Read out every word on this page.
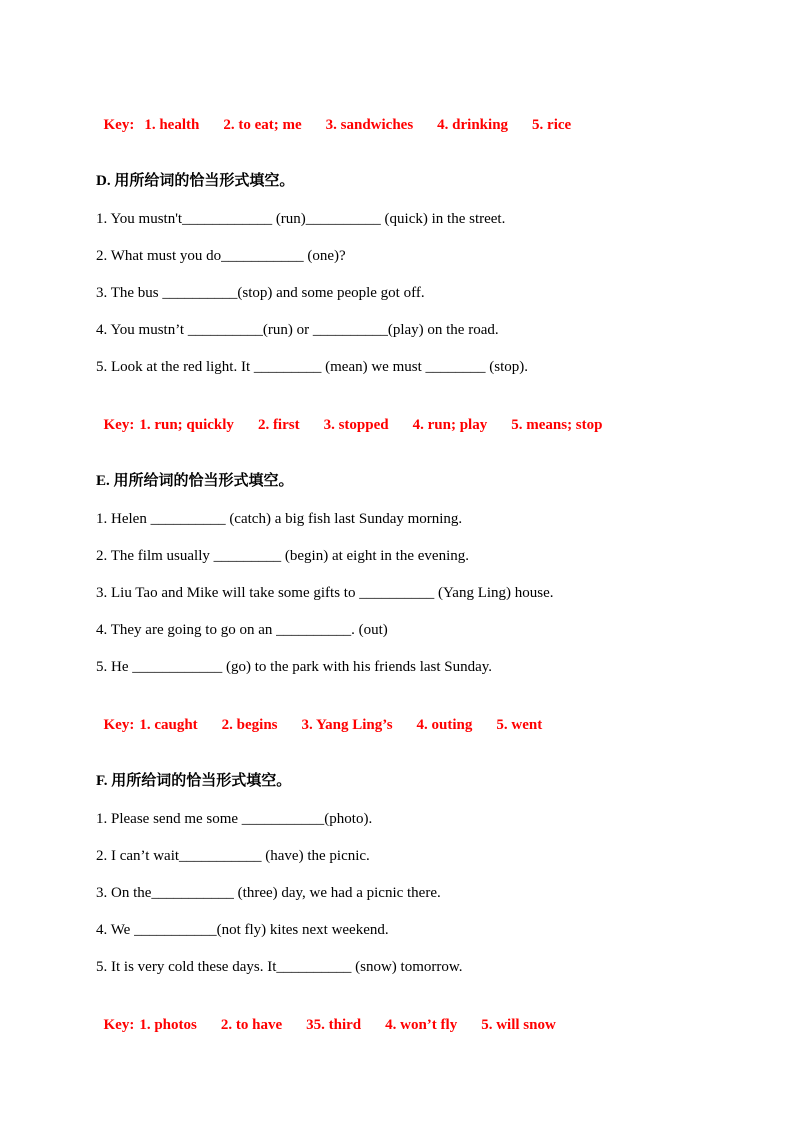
Key: 1. health 2. to eat; me 3. sandwiches 4. drinking 5. rice

D. 用所给词的恰当形式填空。
1. You mustn't____________ (run)__________ (quick) in the street.
2. What must you do___________ (one)?
3. The bus __________(stop) and some people got off.
4. You mustn’t __________(run) or __________(play) on the road.
5. Look at the red light. It _________ (mean) we must ________ (stop).

Key: 1. run; quickly 2. first 3. stopped 4. run; play 5. means; stop

E. 用所给词的恰当形式填空。
1. Helen __________ (catch) a big fish last Sunday morning.
2. The film usually _________ (begin) at eight in the evening.
3. Liu Tao and Mike will take some gifts to __________ (Yang Ling) house.
4. They are going to go on an __________. (out)
5. He ____________ (go) to the park with his friends last Sunday.

Key: 1. caught 2. begins 3. Yang Ling’s 4. outing 5. went

F. 用所给词的恰当形式填空。
1. Please send me some ___________(photo).
2. I can’t wait___________ (have) the picnic.
3. On the___________ (three) day, we had a picnic there.
4. We ___________(not fly) kites next weekend.
5. It is very cold these days. It__________ (snow) tomorrow.

Key: 1. photos 2. to have 35. third 4. won’t fly 5. will snow
